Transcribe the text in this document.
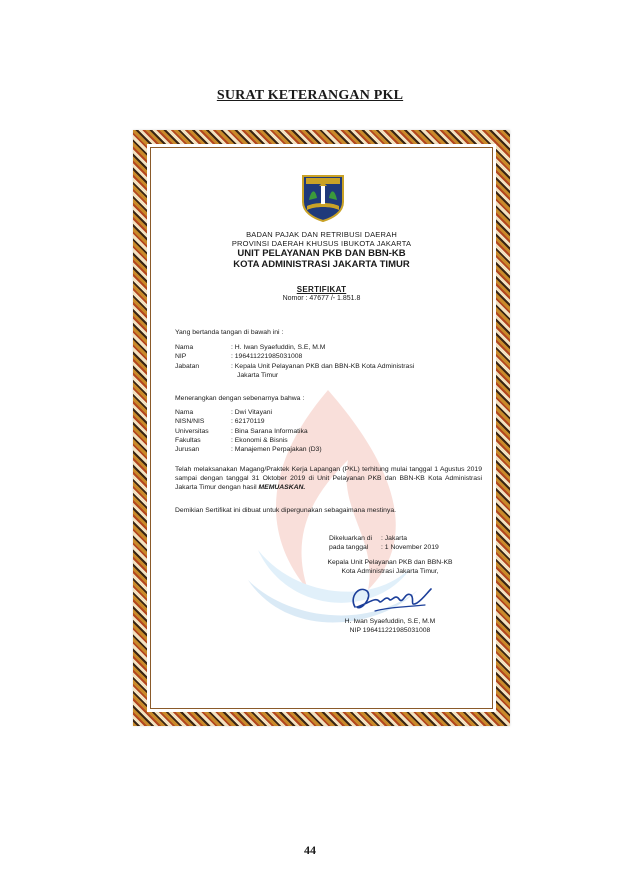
SURAT KETERANGAN PKL
BADAN PAJAK DAN RETRIBUSI DAERAH
PROVINSI DAERAH KHUSUS IBUKOTA JAKARTA
UNIT PELAYANAN PKB DAN BBN-KB
KOTA ADMINISTRASI JAKARTA TIMUR
SERTIFIKAT
Nomor : 47677 /- 1.851.8
Yang bertanda tangan di bawah ini :
Nama	: H. Iwan Syaefuddin, S.E, M.M
NIP	: 196411221985031008
Jabatan	: Kepala Unit Pelayanan PKB dan BBN-KB Kota Administrasi
Jakarta Timur
Menerangkan dengan sebenarnya bahwa :
Nama	: Dwi Vitayani
NISN/NIS	: 62170119
Universitas	: Bina Sarana Informatika
Fakultas	: Ekonomi & Bisnis
Jurusan	: Manajemen Perpajakan (D3)
Telah melaksanakan Magang/Praktek Kerja Lapangan (PKL) terhitung mulai tanggal 1 Agustus 2019 sampai dengan tanggal 31 Oktober 2019 di Unit Pelayanan PKB dan BBN-KB Kota Administrasi Jakarta Timur dengan hasil MEMUASKAN.
Demikian Sertifikat ini dibuat untuk dipergunakan sebagaimana mestinya.
Dikeluarkan di	: Jakarta
pada tanggal	: 1 November 2019
Kepala Unit Pelayanan PKB dan BBN-KB
Kota Administrasi Jakarta Timur,
H. Iwan Syaefuddin, S.E, M.M
NIP 196411221985031008
44
